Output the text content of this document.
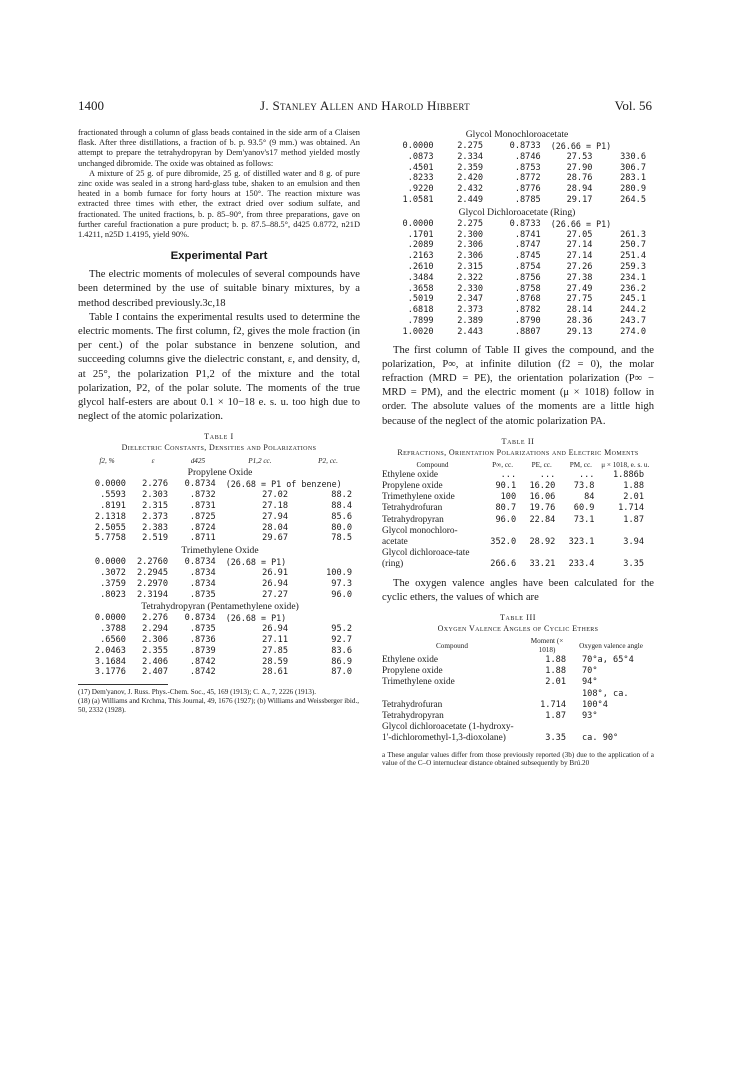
1400	J. Stanley Allen and Harold Hibbert	Vol. 56

fractionated through a column of glass beads contained in the side arm of a Claisen flask. After three distillations, a fraction of b. p. 93.5° (9 mm.) was obtained. An attempt to prepare the tetrahydropyran by Dem'yanov's17 method yielded mostly unchanged dibromide. The oxide was obtained as follows:

A mixture of 25 g. of pure dibromide, 25 g. of distilled water and 8 g. of pure zinc oxide was sealed in a strong hard-glass tube, shaken to an emulsion and then heated in a bomb furnace for forty hours at 150°. The reaction mixture was extracted three times with ether, the extract dried over sodium sulfate, and fractionated. The united fractions, b. p. 85–90°, from three preparations, gave on further careful fractionation a pure product; b. p. 87.5–88.5°, d425 0.8772, n21D 1.4211, n25D 1.4195, yield 90%.

Experimental Part

The electric moments of molecules of several compounds have been determined by the use of suitable binary mixtures, by a method described previously.3c,18

Table I contains the experimental results used to determine the electric moments. The first column, f2, gives the mole fraction (in per cent.) of the polar substance in benzene solution, and succeeding columns give the dielectric constant, ε, and density, d, at 25°, the polarization P1,2 of the mixture and the total polarization, P2, of the polar solute. The moments of the true glycol half-esters are about 0.1 × 10−18 e. s. u. too high due to neglect of the atomic polarization.

Table I
Dielectric Constants, Densities and Polarizations
f2, %	ε	d425	P1,2 cc.	P2, cc.
Propylene Oxide				
0.0000	2.276	0.8734	(26.68 = P1 of benzene)	
.5593	2.303	.8732	27.02	88.2
.8191	2.315	.8731	27.18	88.4
2.1318	2.373	.8725	27.94	85.6
2.5055	2.383	.8724	28.04	80.0
5.7758	2.519	.8711	29.67	78.5
Trimethylene Oxide				
0.0000	2.2760	0.8734	(26.68 = P1)	
.3072	2.2945	.8734	26.91	100.9
.3759	2.2970	.8734	26.94	97.3
.8023	2.3194	.8735	27.27	96.0
Tetrahydropyran (Pentamethylene oxide)				
0.0000	2.276	0.8734	(26.68 = P1)	
.3788	2.294	.8735	26.94	95.2
.6560	2.306	.8736	27.11	92.7
2.0463	2.355	.8739	27.85	83.6
3.1684	2.406	.8742	28.59	86.9
3.1776	2.407	.8742	28.61	87.0

(17) Dem'yanov, J. Russ. Phys.-Chem. Soc., 45, 169 (1913); C. A., 7, 2226 (1913).

(18) (a) Williams and Krchma, This Journal, 49, 1676 (1927); (b) Williams and Weissberger ibid., 50, 2332 (1928).

Glycol Monochloroacetate				
0.0000	2.275	0.8733	(26.66 = P1)	
.0873	2.334	.8746	27.53	330.6
.4501	2.359	.8753	27.90	306.7
.8233	2.420	.8772	28.76	283.1
.9220	2.432	.8776	28.94	280.9
1.0581	2.449	.8785	29.17	264.5
Glycol Dichloroacetate (Ring)				
0.0000	2.275	0.8733	(26.66 = P1)	
.1701	2.300	.8741	27.05	261.3
.2089	2.306	.8747	27.14	250.7
.2163	2.306	.8745	27.14	251.4
.2610	2.315	.8754	27.26	259.3
.3484	2.322	.8756	27.38	234.1
.3658	2.330	.8758	27.49	236.2
.5019	2.347	.8768	27.75	245.1
.6818	2.373	.8782	28.14	244.2
.7899	2.389	.8790	28.36	243.7
1.0020	2.443	.8807	29.13	274.0

The first column of Table II gives the compound, and the polarization, P∞, at infinite dilution (f2 = 0), the molar refraction (MRD = PE), the orientation polarization (P∞ − MRD = PM), and the electric moment (μ × 1018) follow in order. The absolute values of the moments are a little high because of the neglect of the atomic polarization PA.

Table II
Refractions, Orientation Polarizations and Electric Moments
Compound	P∞, cc.	PE, cc.	PM, cc.	μ × 1018, e. s. u.
Ethylene oxide	...	...	...	1.886b
Propylene oxide	90.1	16.20	73.8	1.88
Trimethylene oxide	100	16.06	84	2.01
Tetrahydrofuran	80.7	19.76	60.9	1.714
Tetrahydropyran	96.0	22.84	73.1	1.87
Glycol monochloro-acetate	352.0	28.92	323.1	3.94
Glycol dichloroace-tate (ring)	266.6	33.21	233.4	3.35

The oxygen valence angles have been calculated for the cyclic ethers, the values of which are

Table III
Oxygen Valence Angles of Cyclic Ethers
Compound	Moment (× 1018)	Oxygen valence angle
Ethylene oxide	1.88	70°a, 65°4
Propylene oxide	1.88	70°
Trimethylene oxide	2.01	94°
Tetrahydrofuran	1.714	108°, ca. 100°4
Tetrahydropyran	1.87	93°
Glycol dichloroacetate (1-hydroxy-1'-dichloromethyl-1,3-dioxolane)	3.35	ca. 90°

a These angular values differ from those previously reported (3b) due to the application of a value of the C–O internuclear distance obtained subsequently by Brú.20
